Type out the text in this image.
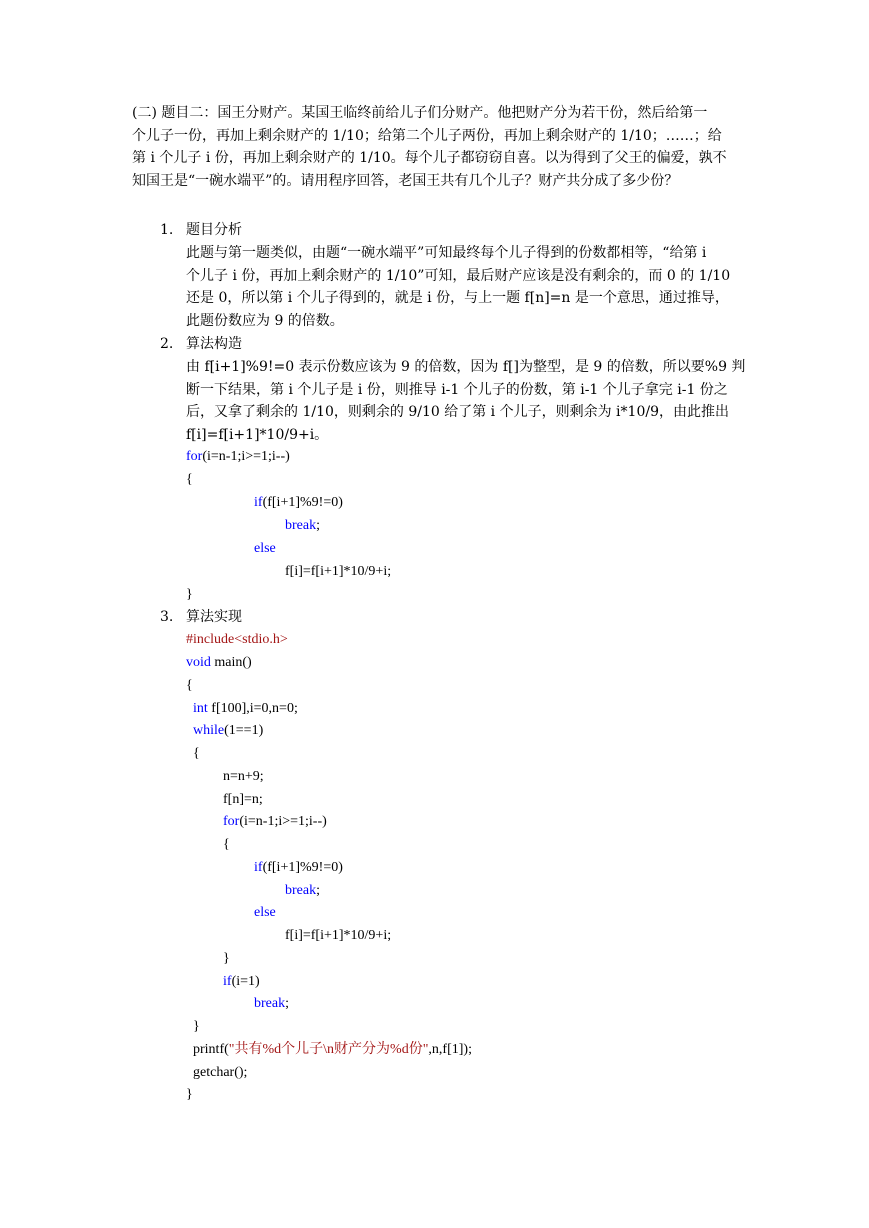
(二) 题目二：国王分财产。某国王临终前给儿子们分财产。他把财产分为若干份，然后给第一
个儿子一份，再加上剩余财产的 1/10；给第二个儿子两份，再加上剩余财产的 1/10；……；给
第 i 个儿子 i 份，再加上剩余财产的 1/10。每个儿子都窃窃自喜。以为得到了父王的偏爱，孰不
知国王是“一碗水端平”的。请用程序回答，老国王共有几个儿子？财产共分成了多少份？
1. 题目分析
此题与第一题类似，由题“一碗水端平”可知最终每个儿子得到的份数都相等，“给第 i
个儿子 i 份，再加上剩余财产的 1/10”可知，最后财产应该是没有剩余的，而 0 的 1/10
还是 0，所以第 i 个儿子得到的，就是 i 份，与上一题 f[n]=n 是一个意思，通过推导，
此题份数应为 9 的倍数。
2. 算法构造
由 f[i+1]%9!=0 表示份数应该为 9 的倍数，因为 f[]为整型，是 9 的倍数，所以要%9 判
断一下结果，第 i 个儿子是 i 份，则推导 i-1 个儿子的份数，第 i-1 个儿子拿完 i-1 份之
后，又拿了剩余的 1/10，则剩余的 9/10 给了第 i 个儿子，则剩余为 i*10/9，由此推出
f[i]=f[i+1]*10/9+i。
for(i=n-1;i>=1;i--)
{
if(f[i+1]%9!=0)
break;
else
f[i]=f[i+1]*10/9+i;
}
3. 算法实现
#include<stdio.h>
void main()
{
int f[100],i=0,n=0;
while(1==1)
{
n=n+9;
f[n]=n;
for(i=n-1;i>=1;i--)
{
if(f[i+1]%9!=0)
break;
else
f[i]=f[i+1]*10/9+i;
}
if(i=1)
break;
}
printf("共有%d个儿子\n财产分为%d份",n,f[1]);
getchar();
}
